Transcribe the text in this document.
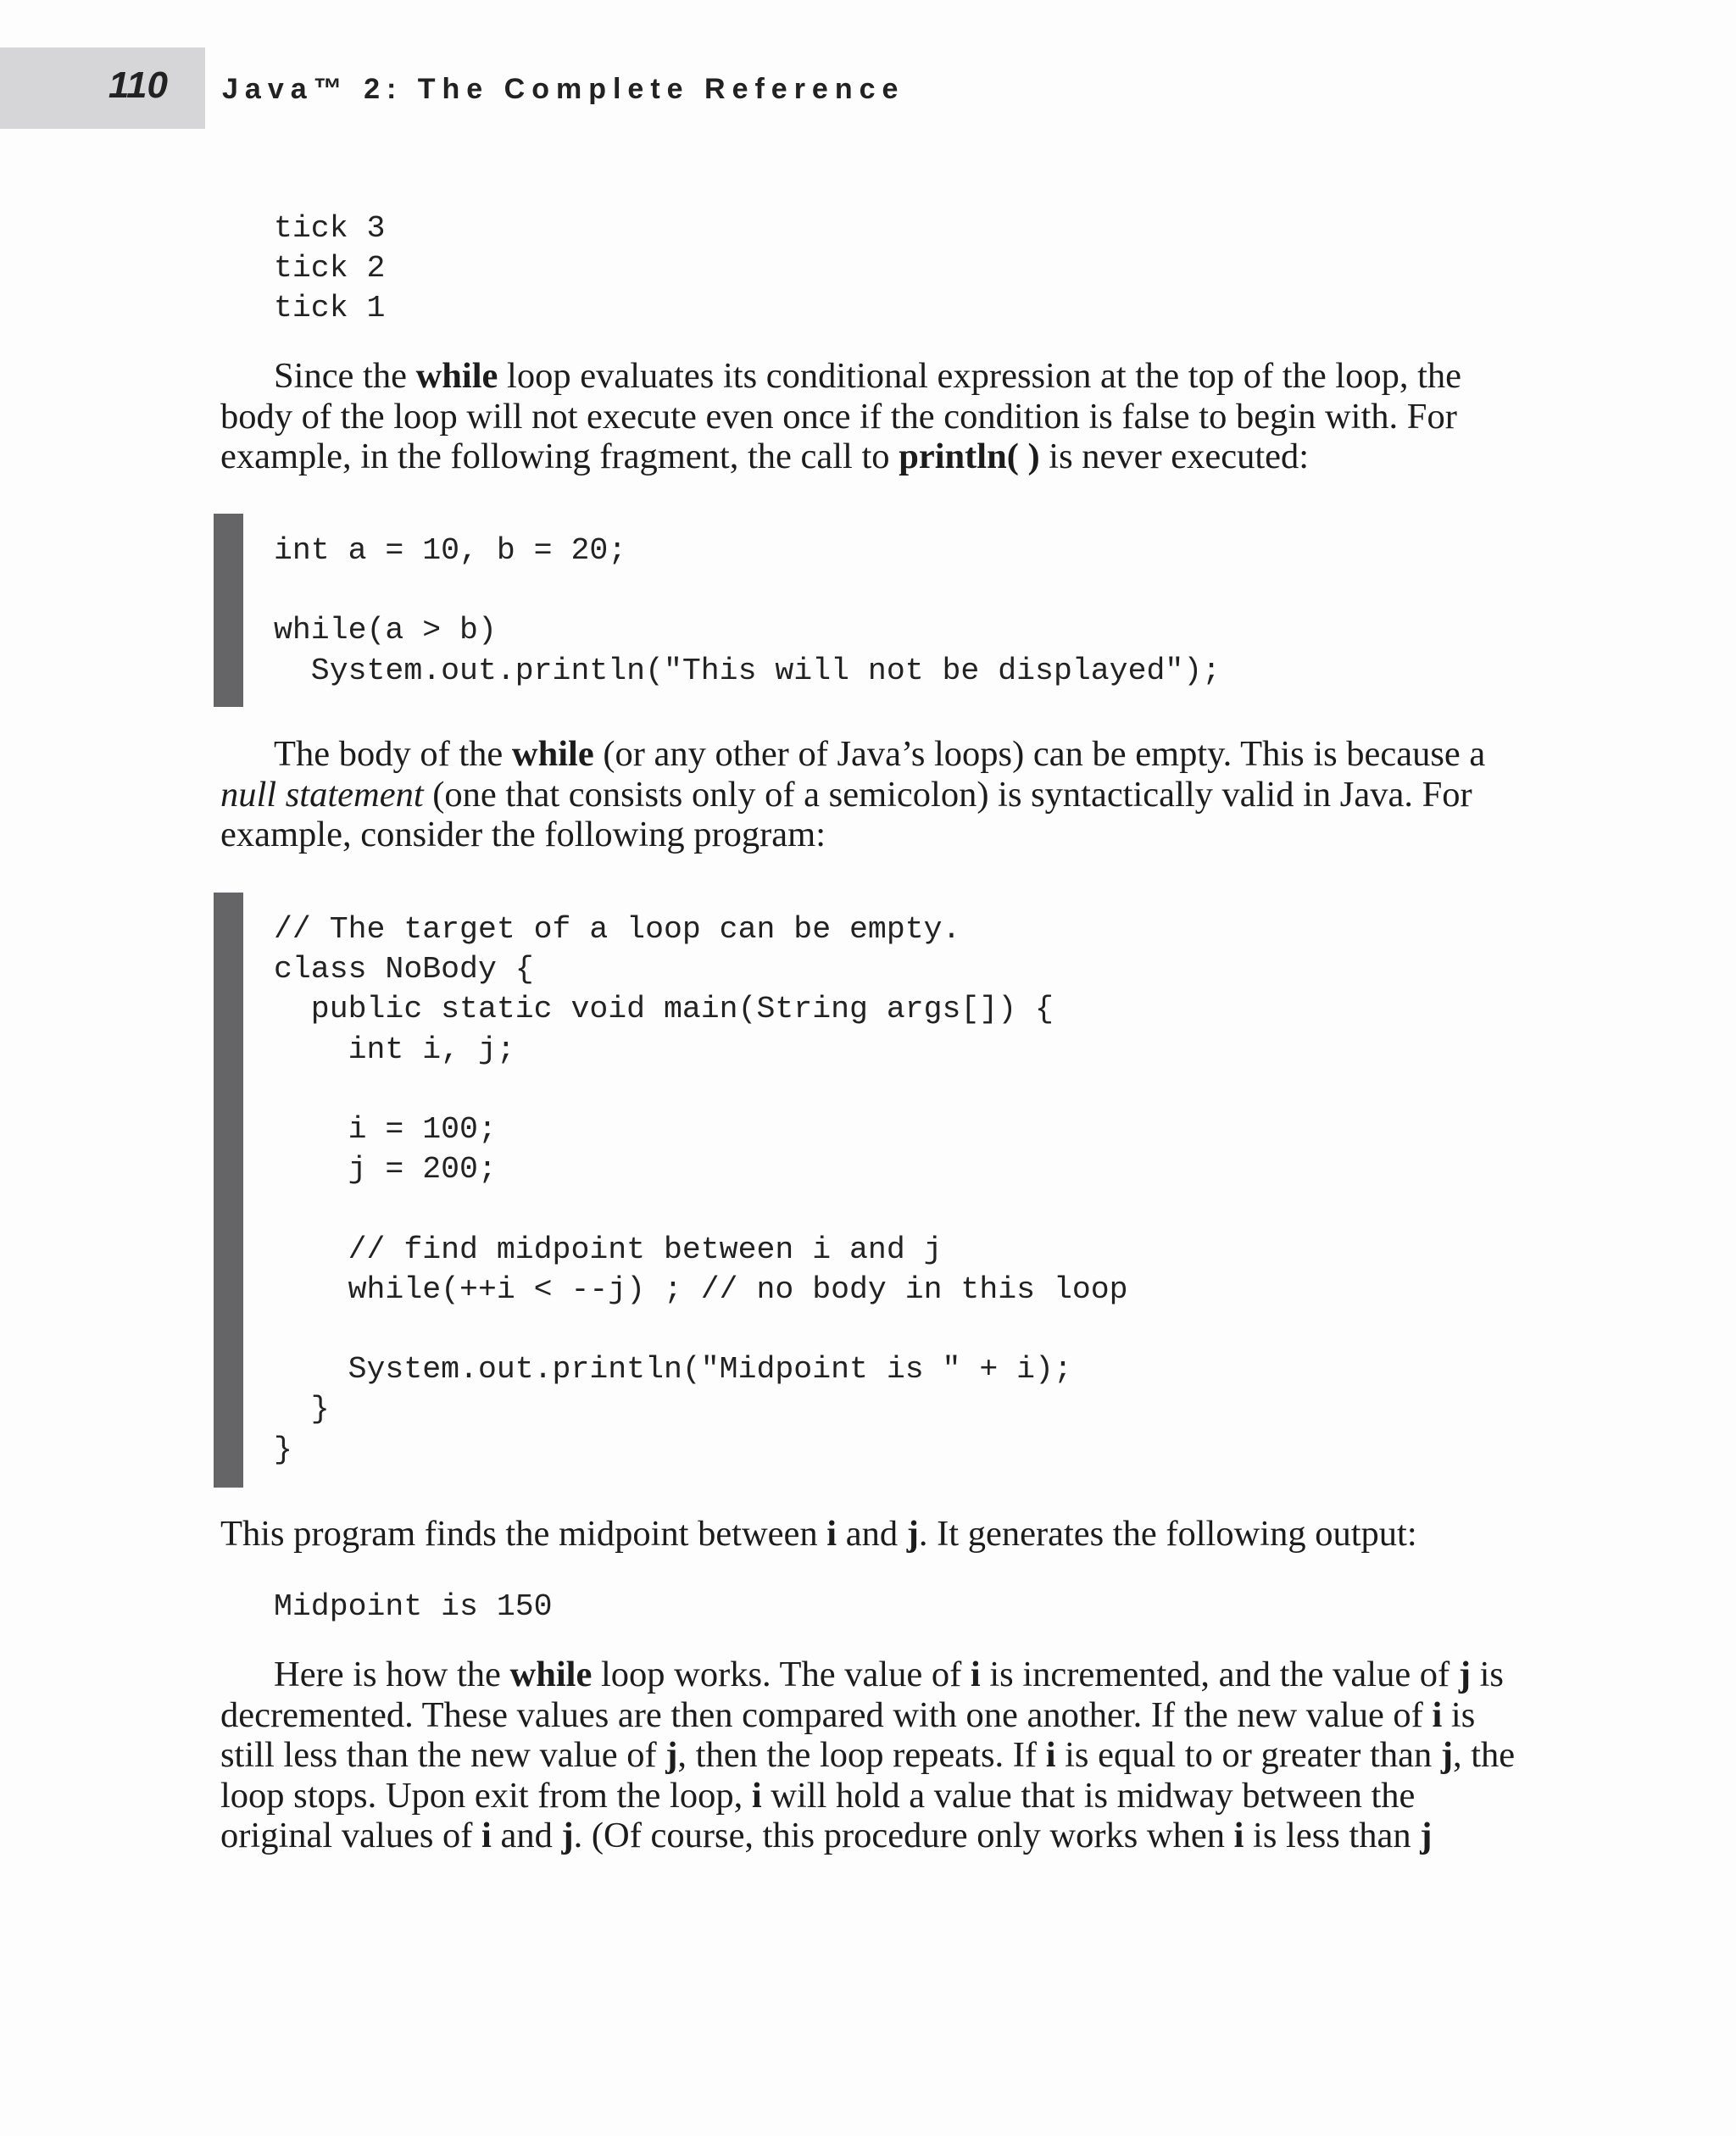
110 Java™ 2: The Complete Reference
tick 3
tick 2
tick 1

Since the while loop evaluates its conditional expression at the top of the loop, the body of the loop will not execute even once if the condition is false to begin with. For example, in the following fragment, the call to println( ) is never executed:

int a = 10, b = 20;

while(a > b)
System.out.println("This will not be displayed");

The body of the while (or any other of Java’s loops) can be empty. This is because a null statement (one that consists only of a semicolon) is syntactically valid in Java. For example, consider the following program:

// The target of a loop can be empty.
class NoBody {
public static void main(String args[]) {
int i, j;

i = 100;
j = 200;

// find midpoint between i and j
while(++i < --j) ; // no body in this loop

System.out.println("Midpoint is " + i);
}
}

This program finds the midpoint between i and j. It generates the following output:

Midpoint is 150

Here is how the while loop works. The value of i is incremented, and the value of j is decremented. These values are then compared with one another. If the new value of i is still less than the new value of j, then the loop repeats. If i is equal to or greater than j, the loop stops. Upon exit from the loop, i will hold a value that is midway between the original values of i and j. (Of course, this procedure only works when i is less than j
